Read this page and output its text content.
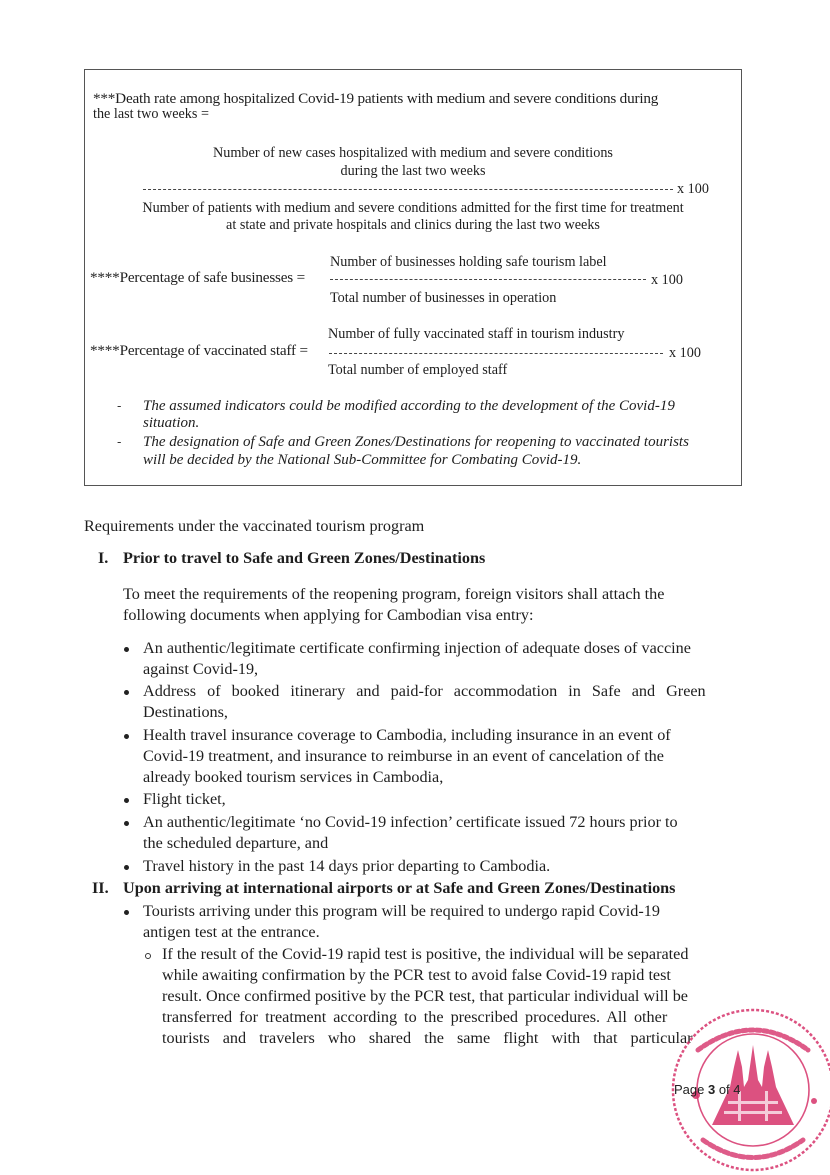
***Death rate among hospitalized Covid-19 patients with medium and severe conditions during
the last two weeks =
Number of new cases hospitalized with medium and severe conditions
during the last two weeks
x 100
Number of patients with medium and severe conditions admitted for the first time for treatment
at state and private hospitals and clinics during the last two weeks
Number of businesses holding safe tourism label
****Percentage of safe businesses =	x 100
Total number of businesses in operation
Number of fully vaccinated staff in tourism industry
****Percentage of vaccinated staff =	x 100
Total number of employed staff
- The assumed indicators could be modified according to the development of the Covid-19
situation.
- The designation of Safe and Green Zones/Destinations for reopening to vaccinated tourists
will be decided by the National Sub-Committee for Combating Covid-19.
Requirements under the vaccinated tourism program
I. Prior to travel to Safe and Green Zones/Destinations
To meet the requirements of the reopening program, foreign visitors shall attach the
following documents when applying for Cambodian visa entry:
An authentic/legitimate certificate confirming injection of adequate doses of vaccine
against Covid-19,
Address of booked itinerary and paid-for accommodation in Safe and Green
Destinations,
Health travel insurance coverage to Cambodia, including insurance in an event of
Covid-19 treatment, and insurance to reimburse in an event of cancelation of the
already booked tourism services in Cambodia,
Flight ticket,
An authentic/legitimate ‘no Covid-19 infection’ certificate issued 72 hours prior to
the scheduled departure, and
Travel history in the past 14 days prior departing to Cambodia.
II. Upon arriving at international airports or at Safe and Green Zones/Destinations
Tourists arriving under this program will be required to undergo rapid Covid-19
antigen test at the entrance.
If the result of the Covid-19 rapid test is positive, the individual will be separated
while awaiting confirmation by the PCR test to avoid false Covid-19 rapid test
result. Once confirmed positive by the PCR test, that particular individual will be
transferred for treatment according to the prescribed procedures. All other
tourists and travelers who shared the same flight with that particular
Page 3 of 4
